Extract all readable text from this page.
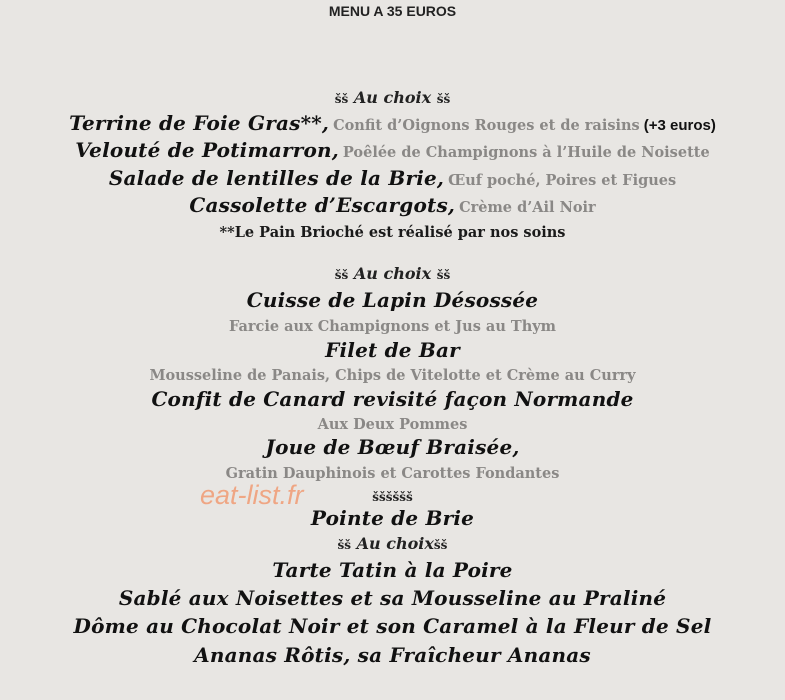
MENU A 35 EUROS
šš Au choix šš
Terrine de Foie Gras**, Confit d’Oignons Rouges et de raisins (+3 euros)
Velouté de Potimarron, Poêlée de Champignons à l’Huile de Noisette
Salade de lentilles de la Brie, Œuf poché, Poires et Figues
Cassolette d’Escargots, Crème d’Ail Noir
**Le Pain Brioché est réalisé par nos soins
šš Au choix šš
Cuisse de Lapin Désossée
Farcie aux Champignons et Jus au Thym
Filet de Bar
Mousseline de Panais, Chips de Vitelotte et Crème au Curry
Confit de Canard revisité façon Normande
Aux Deux Pommes
Joue de Bœuf Braisée,
Gratin Dauphinois et Carottes Fondantes
šššššš
Pointe de Brie
šš Au choixšš
Tarte Tatin à la Poire
Sablé aux Noisettes et sa Mousseline au Praliné
Dôme au Chocolat Noir et son Caramel à la Fleur de Sel
Ananas Rôtis, sa Fraîcheur Ananas
eat-list.fr
